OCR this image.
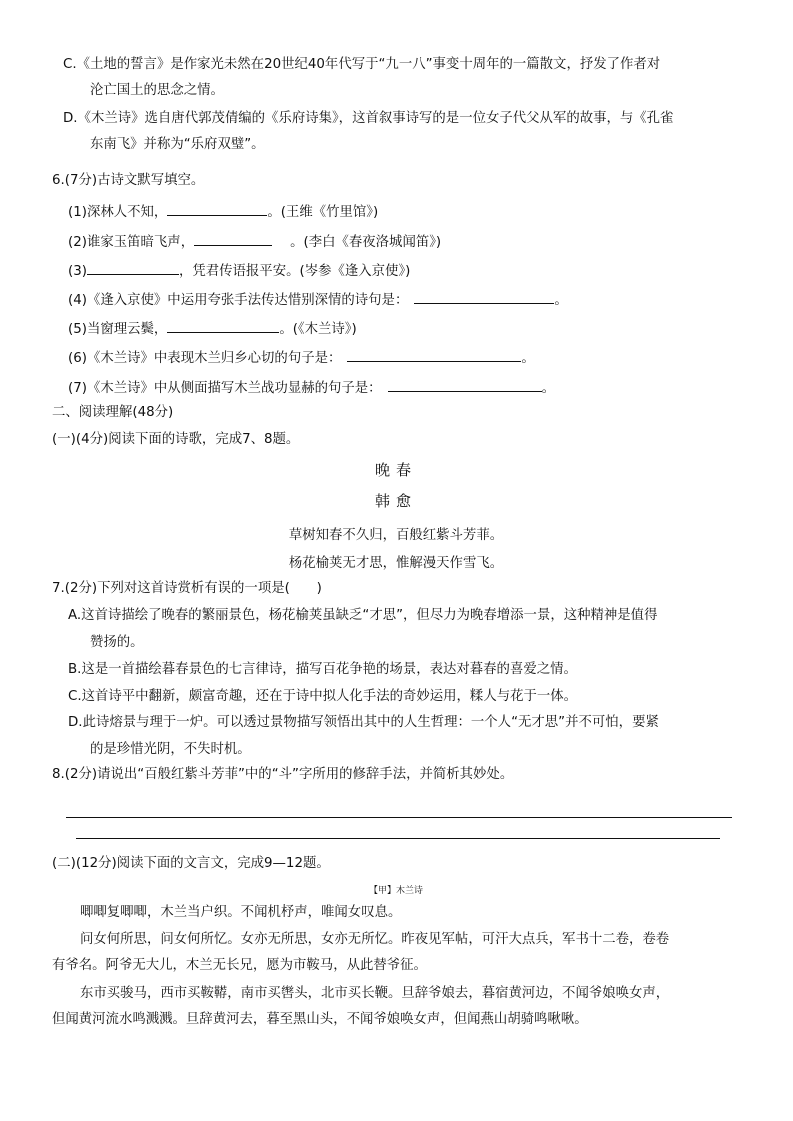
C.《土地的誓言》是作家光未然在20世纪40年代写于“九一八”事变十周年的一篇散文，抒发了作者对
沦亡国土的思念之情。
D.《木兰诗》选自唐代郭茂倩编的《乐府诗集》，这首叙事诗写的是一位女子代父从军的故事，与《孔雀
东南飞》并称为“乐府双璧”。
6.(7分)古诗文默写填空。
(1)深林人不知，	。(王维《竹里馆》)
(2)谁家玉笛暗飞声，	。(李白《春夜洛城闻笛》)
(3)	，凭君传语报平安。(岑参《逢入京使》)
(4)《逢入京使》中运用夸张手法传达惜别深情的诗句是：	。
(5)当窗理云鬓，	。(《木兰诗》)
(6)《木兰诗》中表现木兰归乡心切的句子是：	。
(7)《木兰诗》中从侧面描写木兰战功显赫的句子是：	。
二、阅读理解(48分)
(一)(4分)阅读下面的诗歌，完成7、8题。
晚春
韩愈
草树知春不久归，百般红紫斗芳菲。
杨花榆荚无才思，惟解漫天作雪飞。
7.(2分)下列对这首诗赏析有误的一项是(　　)
A.这首诗描绘了晚春的繁丽景色，杨花榆荚虽缺乏“才思”，但尽力为晚春增添一景，这种精神是值得
赞扬的。
B.这是一首描绘暮春景色的七言律诗，描写百花争艳的场景，表达对暮春的喜爱之情。
C.这首诗平中翻新，颇富奇趣，还在于诗中拟人化手法的奇妙运用，糅人与花于一体。
D.此诗熔景与理于一炉。可以透过景物描写领悟出其中的人生哲理：一个人“无才思”并不可怕，要紧
的是珍惜光阴，不失时机。
8.(2分)请说出“百般红紫斗芳菲”中的“斗”字所用的修辞手法，并简析其妙处。
(二)(12分)阅读下面的文言文，完成9—12题。
【甲】木兰诗
唧唧复唧唧，木兰当户织。不闻机杼声，唯闻女叹息。
问女何所思，问女何所忆。女亦无所思，女亦无所忆。昨夜见军帖，可汗大点兵，军书十二卷，卷卷
有爷名。阿爷无大儿，木兰无长兄，愿为市鞍马，从此替爷征。
东市买骏马，西市买鞍鞯，南市买辔头，北市买长鞭。旦辞爷娘去，暮宿黄河边，不闻爷娘唤女声，
但闻黄河流水鸣溅溅。旦辞黄河去，暮至黑山头，不闻爷娘唤女声，但闻燕山胡骑鸣啾啾。
